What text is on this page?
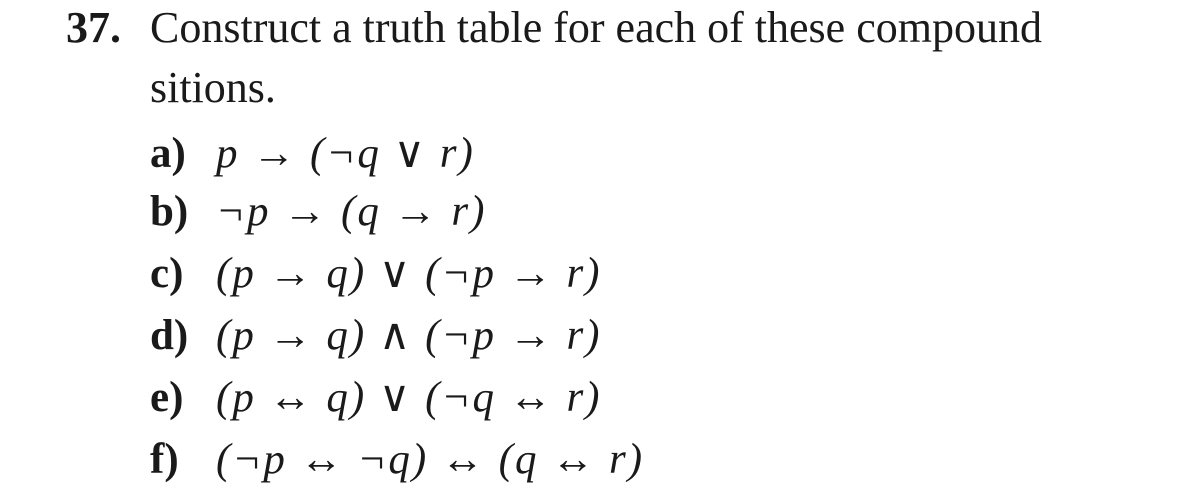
37. Construct a truth table for each of these compound
sitions.
a) p → (¬q ∨ r)
b) ¬p → (q → r)
c) (p → q) ∨ (¬p → r)
d) (p → q) ∧ (¬p → r)
e) (p ↔ q) ∨ (¬q ↔ r)
f) (¬p ↔ ¬q) ↔ (q ↔ r)
